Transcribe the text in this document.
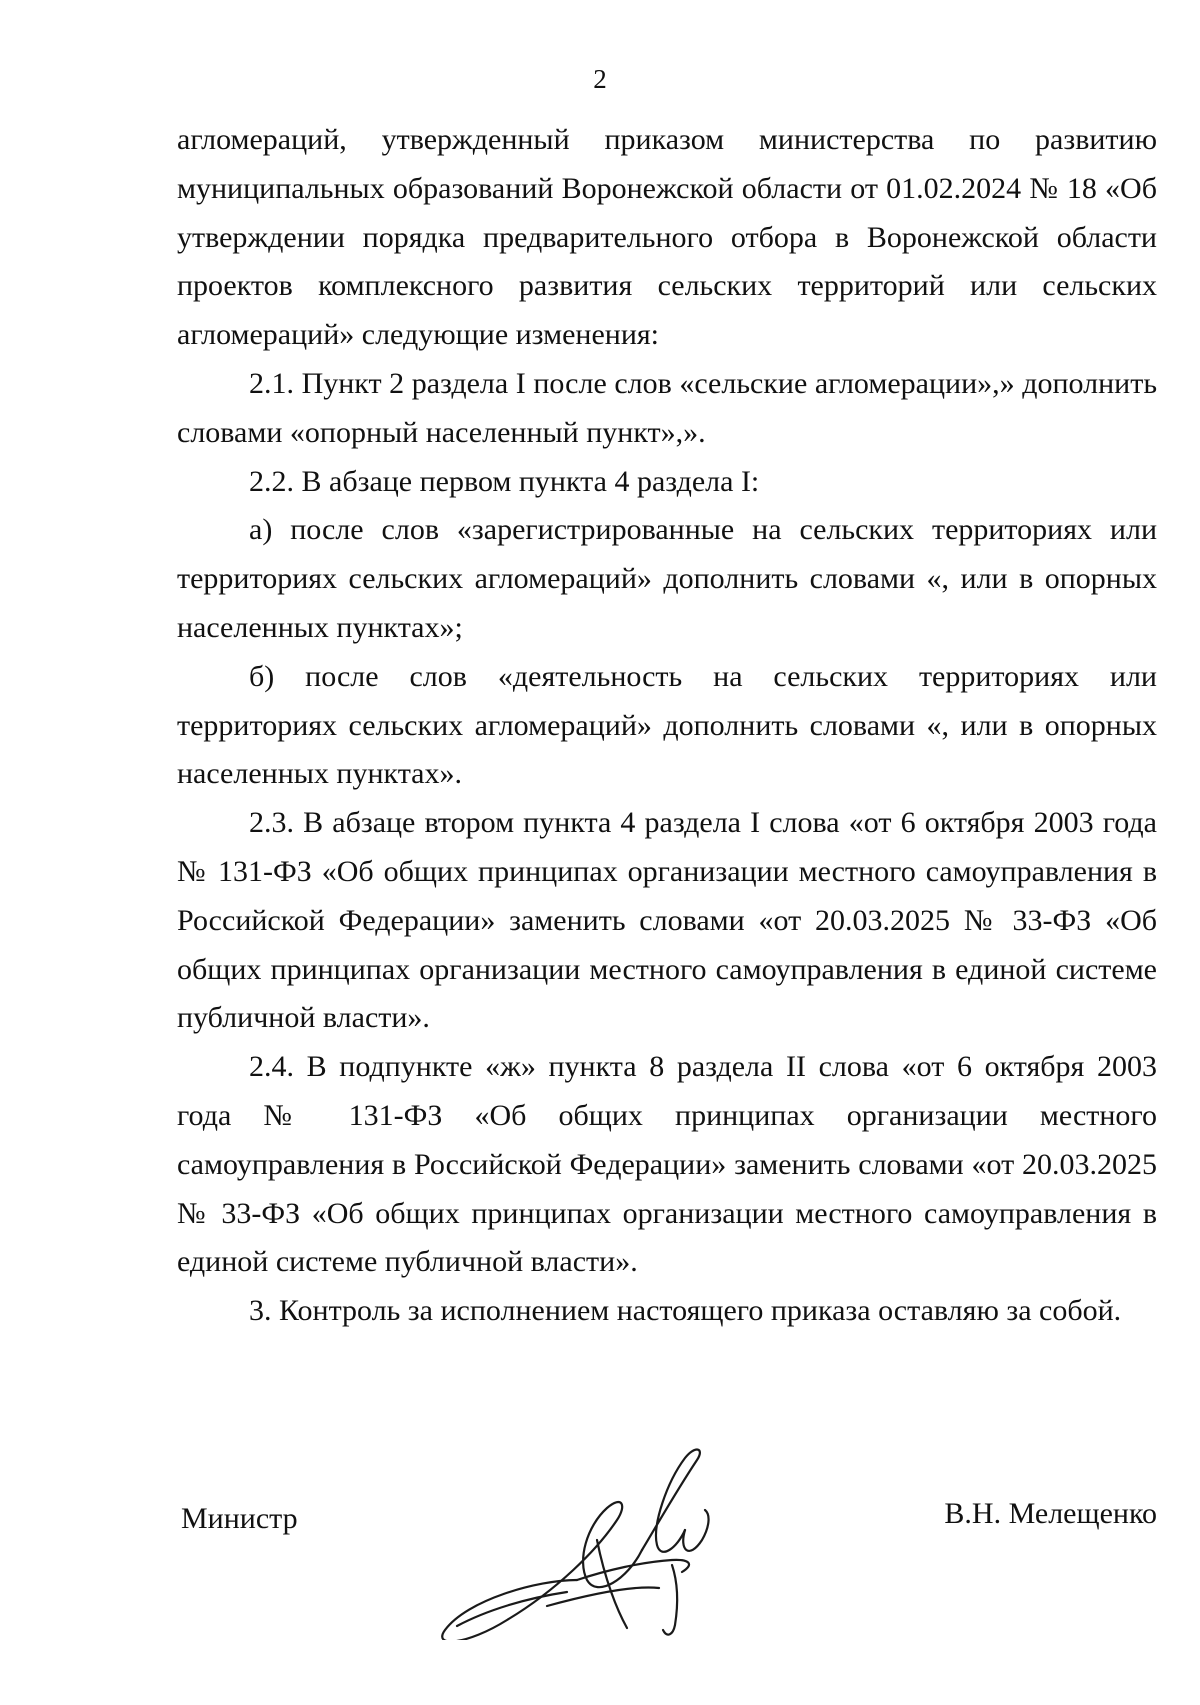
2

агломераций, утвержденный приказом министерства по развитию муниципальных образований Воронежской области от 01.02.2024 № 18 «Об утверждении порядка предварительного отбора в Воронежской области проектов комплексного развития сельских территорий или сельских агломераций» следующие изменения:

2.1. Пункт 2 раздела I после слов «сельские агломерации»,» дополнить словами «опорный населенный пункт»,».

2.2. В абзаце первом пункта 4 раздела I:

а) после слов «зарегистрированные на сельских территориях или территориях сельских агломераций» дополнить словами «, или в опорных населенных пунктах»;

б) после слов «деятельность на сельских территориях или территориях сельских агломераций» дополнить словами «, или в опорных населенных пунктах».

2.3. В абзаце втором пункта 4 раздела I слова «от 6 октября 2003 года № 131-ФЗ «Об общих принципах организации местного самоуправления в Российской Федерации» заменить словами «от 20.03.2025 № 33-ФЗ «Об общих принципах организации местного самоуправления в единой системе публичной власти».

2.4. В подпункте «ж» пункта 8 раздела II слова «от 6 октября 2003 года № 131-ФЗ «Об общих принципах организации местного самоуправления в Российской Федерации» заменить словами «от 20.03.2025 № 33-ФЗ «Об общих принципах организации местного самоуправления в единой системе публичной власти».

3. Контроль за исполнением настоящего приказа оставляю за собой.

Министр	В.Н. Мелещенко
